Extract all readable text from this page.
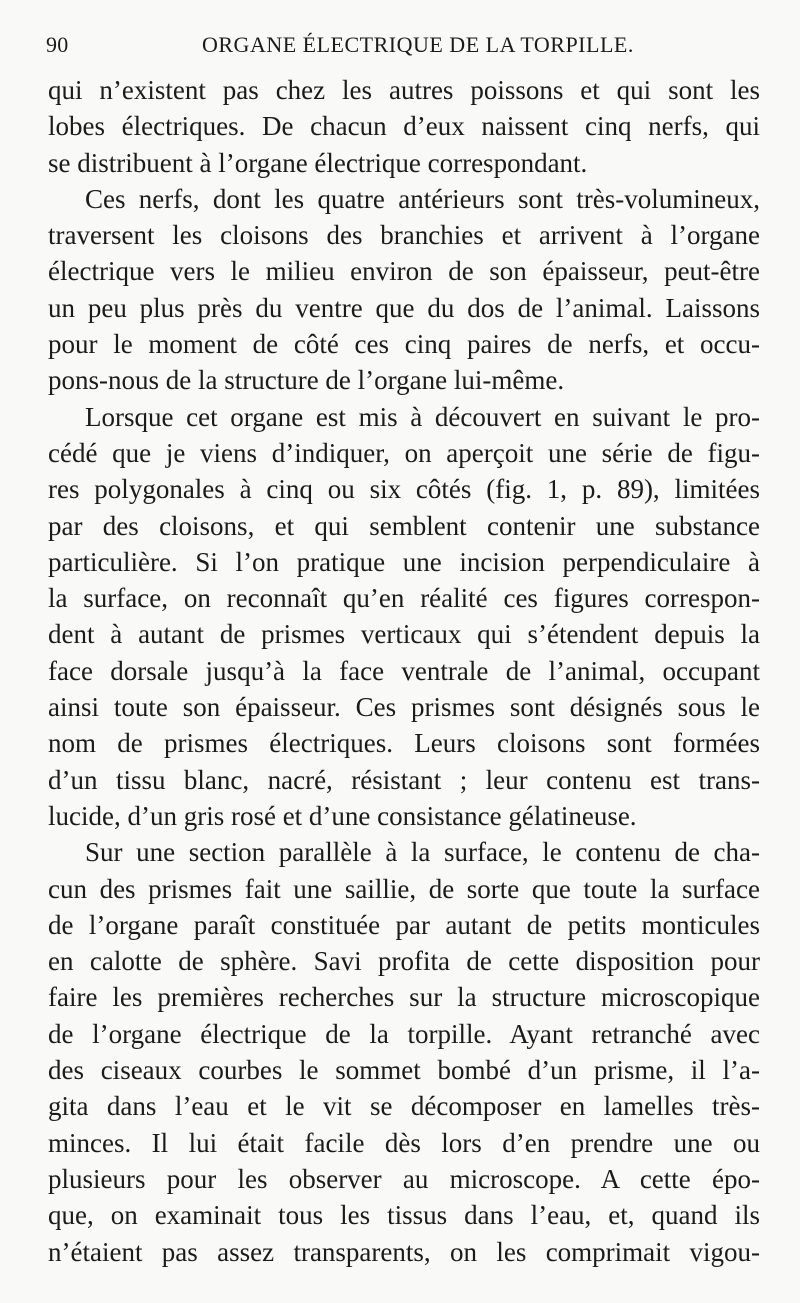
90	ORGANE ÉLECTRIQUE DE LA TORPILLE.
qui n’existent pas chez les autres poissons et qui sont les
lobes électriques. De chacun d’eux naissent cinq nerfs, qui
se distribuent à l’organe électrique correspondant.
Ces nerfs, dont les quatre antérieurs sont très-volumineux,
traversent les cloisons des branchies et arrivent à l’organe
électrique vers le milieu environ de son épaisseur, peut-être
un peu plus près du ventre que du dos de l’animal. Laissons
pour le moment de côté ces cinq paires de nerfs, et occu-
pons-nous de la structure de l’organe lui-même.
Lorsque cet organe est mis à découvert en suivant le pro-
cédé que je viens d’indiquer, on aperçoit une série de figu-
res polygonales à cinq ou six côtés (fig. 1, p. 89), limitées
par des cloisons, et qui semblent contenir une substance
particulière. Si l’on pratique une incision perpendiculaire à
la surface, on reconnaît qu’en réalité ces figures correspon-
dent à autant de prismes verticaux qui s’étendent depuis la
face dorsale jusqu’à la face ventrale de l’animal, occupant
ainsi toute son épaisseur. Ces prismes sont désignés sous le
nom de prismes électriques. Leurs cloisons sont formées
d’un tissu blanc, nacré, résistant ; leur contenu est trans-
lucide, d’un gris rosé et d’une consistance gélatineuse.
Sur une section parallèle à la surface, le contenu de cha-
cun des prismes fait une saillie, de sorte que toute la surface
de l’organe paraît constituée par autant de petits monticules
en calotte de sphère. Savi profita de cette disposition pour
faire les premières recherches sur la structure microscopique
de l’organe électrique de la torpille. Ayant retranché avec
des ciseaux courbes le sommet bombé d’un prisme, il l’a-
gita dans l’eau et le vit se décomposer en lamelles très-
minces. Il lui était facile dès lors d’en prendre une ou
plusieurs pour les observer au microscope. A cette épo-
que, on examinait tous les tissus dans l’eau, et, quand ils
n’étaient pas assez transparents, on les comprimait vigou-
